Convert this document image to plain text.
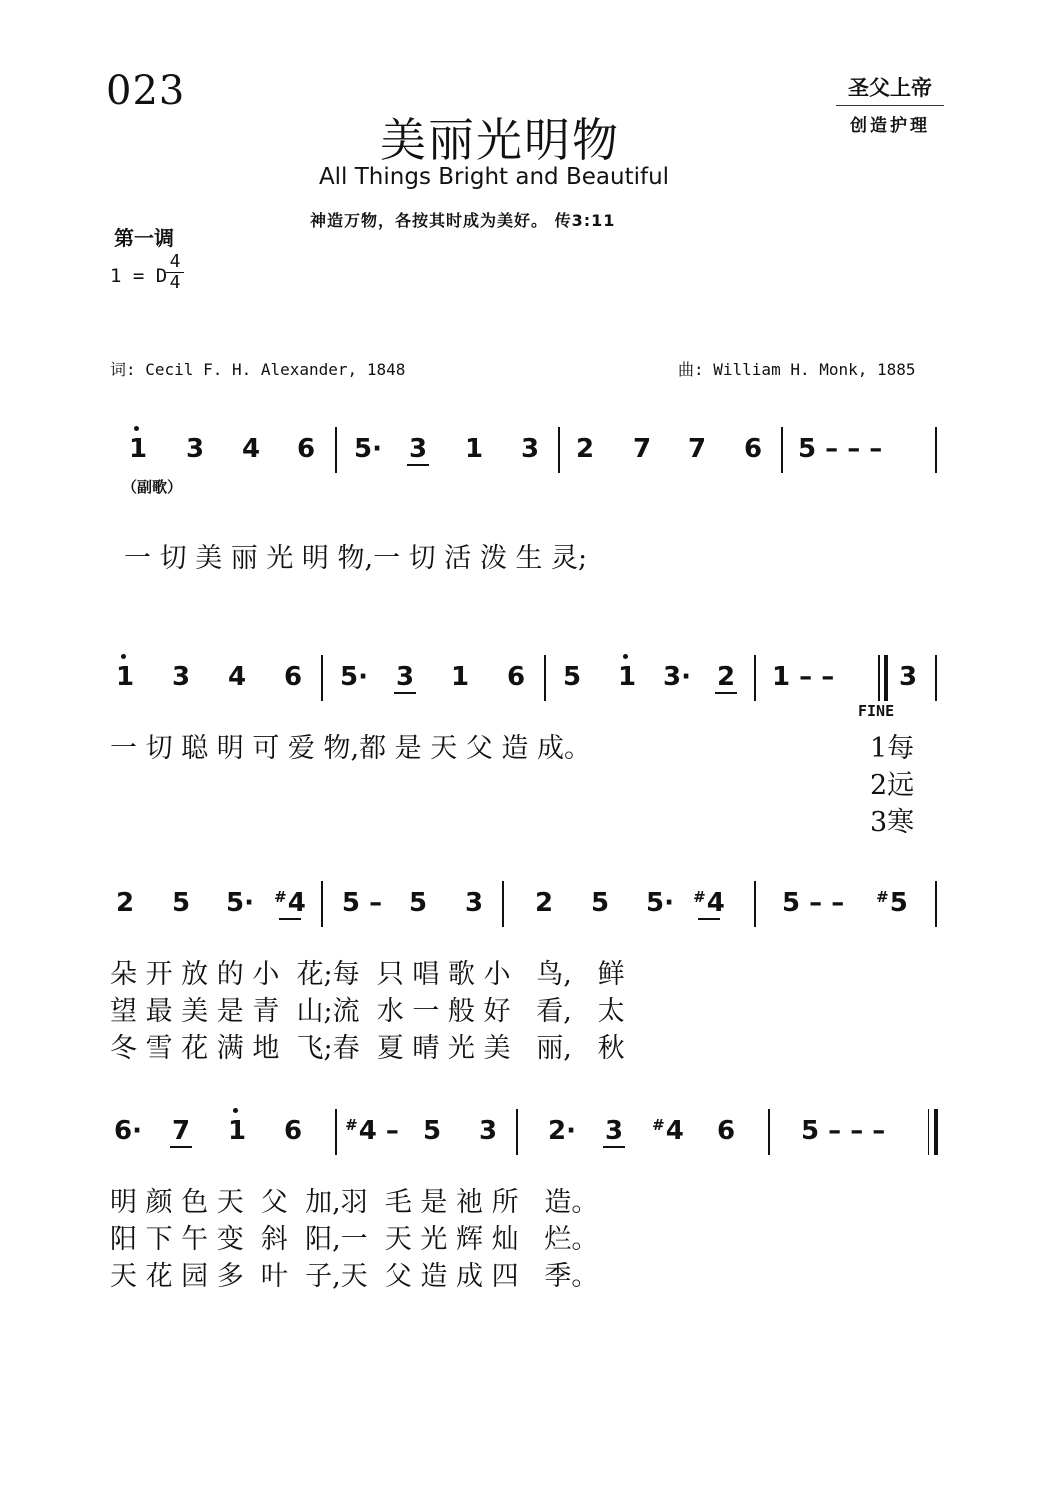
023	圣父上帝
创造护理
美丽光明物
All Things Bright and Beautiful
神造万物，各按其时成为美好。 传3:11
第一调
1 = D
4
4
词: Cecil F. H. Alexander, 1848	曲: William H. Monk, 1885
1	3	4	6	5·	3	1	3	2	7	7	6	5 – – –
（副歌）
一 切 美 丽 光 明 物,一 切 活 泼 生 灵;
1	3	4	6	5·	3	1	6	5	1	3· 2	1 – –	3
FINE
一 切 聪 明 可 爱 物,都 是 天 父 造 成。	1每
2远
3寒
2	5	5·	#4	5 –	5	3	2	5	5·	#4 5 – –	#5
朵 开 放 的 小  花;每  只 唱 歌 小   鸟,   鲜
望 最 美 是 青  山;流  水 一 般 好   看,   太
冬 雪 花 满 地  飞;春  夏 晴 光 美   丽,   秋
6·	7	1	6	#4 – 5	3	2·	3	#4	6	5 – – –
明 颜 色 天  父  加,羽  毛 是 祂 所   造。
阳 下 午 变  斜  阳,一  天 光 辉 灿   烂。
天 花 园 多  叶  子,天  父 造 成 四   季。
